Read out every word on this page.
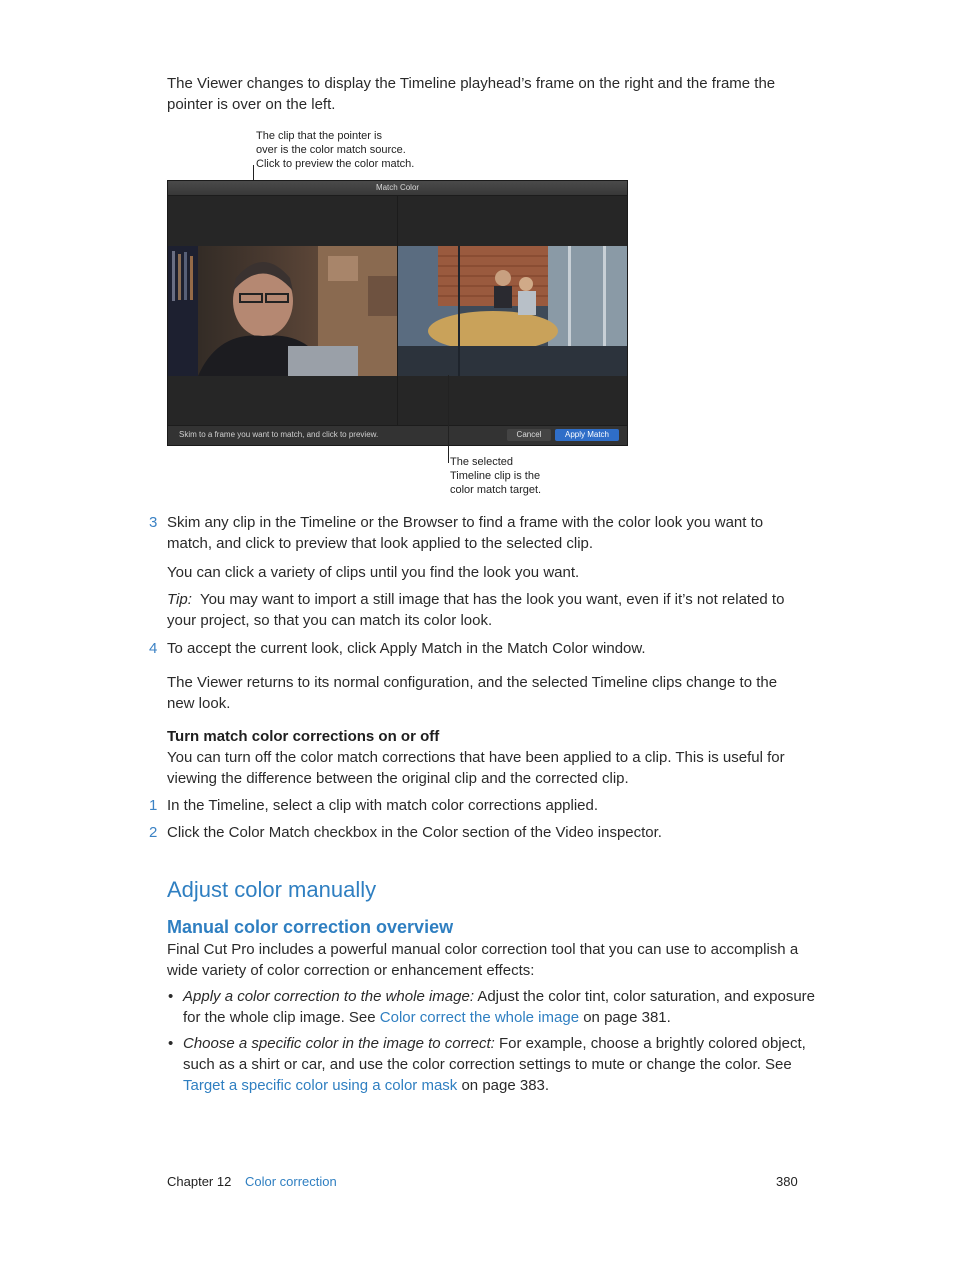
The Viewer changes to display the Timeline playhead’s frame on the right and the frame the
pointer is over on the left.
The clip that the pointer is
over is the color match source.
Click to preview the color match.
Match Color
Skim to a frame you want to match, and click to preview.	Cancel	Apply Match
The selected
Timeline clip is the
color match target.
3 Skim any clip in the Timeline or the Browser to find a frame with the color look you want to
match, and click to preview that look applied to the selected clip.
You can click a variety of clips until you find the look you want.
Tip: You may want to import a still image that has the look you want, even if it’s not related to
your project, so that you can match its color look.
4 To accept the current look, click Apply Match in the Match Color window.
The Viewer returns to its normal configuration, and the selected Timeline clips change to the
new look.
Turn match color corrections on or off
You can turn off the color match corrections that have been applied to a clip. This is useful for
viewing the difference between the original clip and the corrected clip.
1 In the Timeline, select a clip with match color corrections applied.
2 Click the Color Match checkbox in the Color section of the Video inspector.
Adjust color manually
Manual color correction overview
Final Cut Pro includes a powerful manual color correction tool that you can use to accomplish a
wide variety of color correction or enhancement effects:
• Apply a color correction to the whole image: Adjust the color tint, color saturation, and exposure
for the whole clip image. See Color correct the whole image on page 381.
• Choose a specific color in the image to correct: For example, choose a brightly colored object,
such as a shirt or car, and use the color correction settings to mute or change the color. See
Target a specific color using a color mask on page 383.
Chapter 12 Color correction	380
